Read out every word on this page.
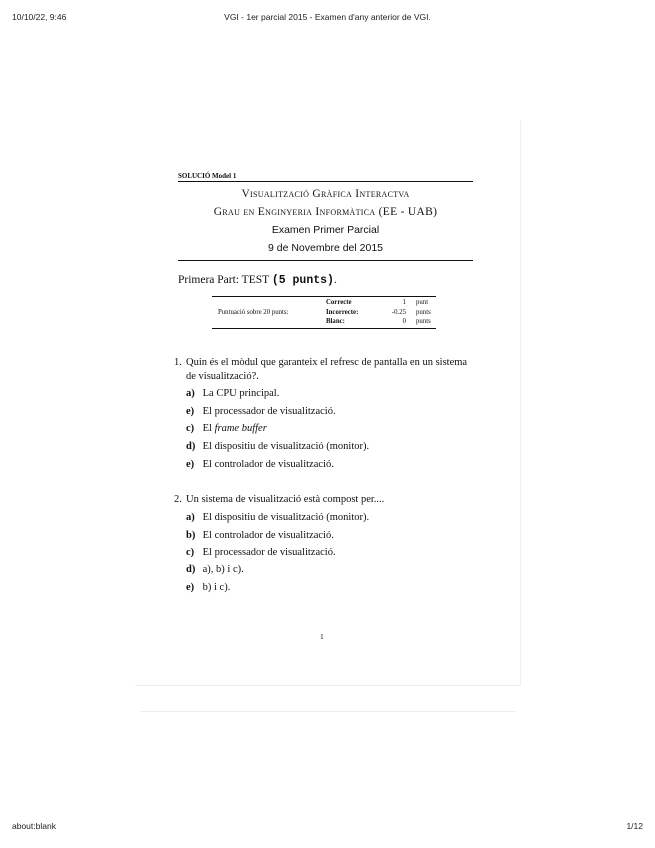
10/10/22, 9:46	VGI - 1er parcial 2015 - Examen d'any anterior de VGI.
about:blank	1/12
SOLUCIÓ Model 1
Visualització Gràfica Interactva
Grau en Enginyeria Informàtica (EE - UAB)
Examen Primer Parcial
9 de Novembre del 2015
Primera Part: TEST (5 punts).
Puntuació sobre 20 punts:
Correcte	1 punt
Incorrecte:	-0.25 punts
Blanc:	0 punts
1. Quin és el mòdul que garanteix el refresc de pantalla en un sistema
de visualització?.
a) La CPU principal.
e) El processador de visualització.
c) El frame buffer
d) El dispositiu de visualització (monitor).
e) El controlador de visualització.
2. Un sistema de visualització està compost per....
a) El dispositiu de visualització (monitor).
b) El controlador de visualització.
c) El processador de visualització.
d) a), b) i c).
e) b) i c).
1
